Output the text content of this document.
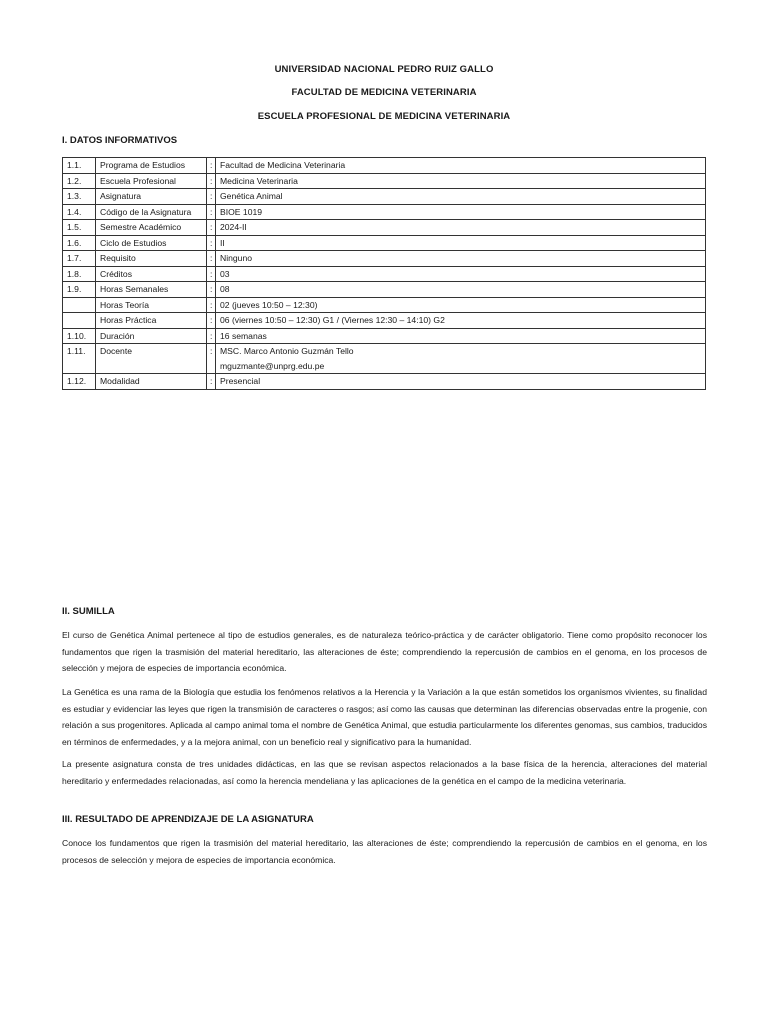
UNIVERSIDAD NACIONAL PEDRO RUIZ GALLO
FACULTAD DE MEDICINA VETERINARIA
ESCUELA PROFESIONAL DE MEDICINA VETERINARIA
I. DATOS INFORMATIVOS
1.1.	Programa de Estudios	:	Facultad de Medicina Veterinaria
1.2.	Escuela Profesional	:	Medicina Veterinaria
1.3.	Asignatura	:	Genética Animal
1.4.	Código de la Asignatura	:	BIOE 1019
1.5.	Semestre Académico	:	2024-II
1.6.	Ciclo de Estudios	:	II
1.7.	Requisito	:	Ninguno
1.8.	Créditos	:	03
1.9.	Horas Semanales	:	08
	Horas Teoría	:	02 (jueves 10:50 – 12:30)
	Horas Práctica	:	06 (viernes 10:50 – 12:30) G1 / (Viernes 12:30 – 14:10) G2
1.10.	Duración	:	16 semanas
1.11.	Docente	:	MSC. Marco Antonio Guzmán Tello
mguzmante@unprg.edu.pe

1.12.	Modalidad	:	Presencial
II. SUMILLA

El curso de Genética Animal pertenece al tipo de estudios generales, es de naturaleza teórico-práctica y de carácter obligatorio. Tiene como propósito reconocer los fundamentos que rigen la trasmisión del material hereditario, las alteraciones de éste; comprendiendo la repercusión de cambios en el genoma, en los procesos de selección y mejora de especies de importancia económica.

La Genética es una rama de la Biología que estudia los fenómenos relativos a la Herencia y la Variación a la que están sometidos los organismos vivientes, su finalidad es estudiar y evidenciar las leyes que rigen la transmisión de caracteres o rasgos; así como las causas que determinan las diferencias observadas entre la progenie, con relación a sus progenitores. Aplicada al campo animal toma el nombre de Genética Animal, que estudia particularmente los diferentes genomas, sus cambios, traducidos en términos de enfermedades, y a la mejora animal, con un beneficio real y significativo para la humanidad.

La presente asignatura consta de tres unidades didácticas, en las que se revisan aspectos relacionados a la base física de la herencia, alteraciones del material hereditario y enfermedades relacionadas, así como la herencia mendeliana y las aplicaciones de la genética en el campo de la medicina veterinaria.

III. RESULTADO DE APRENDIZAJE DE LA ASIGNATURA

Conoce los fundamentos que rigen la trasmisión del material hereditario, las alteraciones de éste; comprendiendo la repercusión de cambios en el genoma, en los procesos de selección y mejora de especies de importancia económica.
